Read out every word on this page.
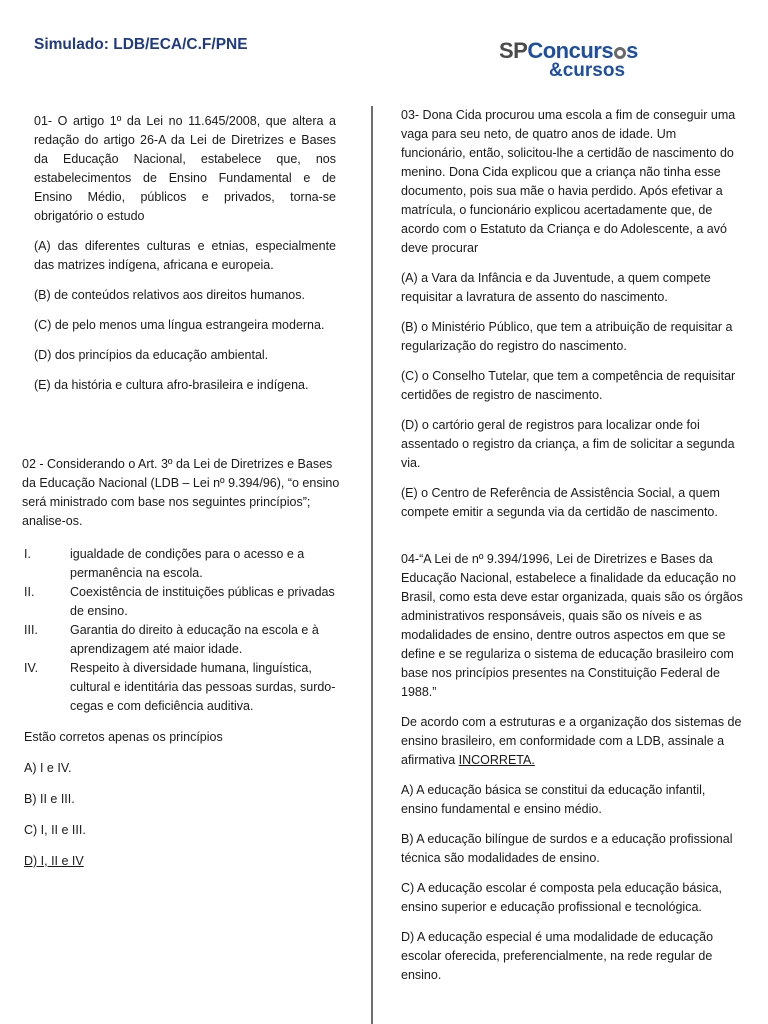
Simulado: LDB/ECA/C.F/PNE	SPConcurs s
&cursos

01- O artigo 1º da Lei no 11.645/2008, que altera a redação do artigo 26-A da Lei de Diretrizes e Bases da Educação Nacional, estabelece que, nos estabelecimentos de Ensino Fundamental e de Ensino Médio, públicos e privados, torna-se obrigatório o estudo

(A) das diferentes culturas e etnias, especialmente das matrizes indígena, africana e europeia.

(B) de conteúdos relativos aos direitos humanos.

(C) de pelo menos uma língua estrangeira moderna.

(D) dos princípios da educação ambiental.

(E) da história e cultura afro-brasileira e indígena.

02 - Considerando o Art. 3º da Lei de Diretrizes e Bases da Educação Nacional (LDB – Lei nº 9.394/96), “o ensino será ministrado com base nos seguintes princípios”; analise-os.

I.	igualdade de condições para o acesso e a permanência na escola.
II.	Coexistência de instituições públicas e privadas de ensino.
III.	Garantia do direito à educação na escola e à aprendizagem até maior idade.
IV.	Respeito à diversidade humana, linguística, cultural e identitária das pessoas surdas, surdo-cegas e com deficiência auditiva.

Estão corretos apenas os princípios

A) I e IV.

B) II e III.

C) I, II e III.

D) I, II e IV

03- Dona Cida procurou uma escola a fim de conseguir uma vaga para seu neto, de quatro anos de idade. Um funcionário, então, solicitou-lhe a certidão de nascimento do menino. Dona Cida explicou que a criança não tinha esse documento, pois sua mãe o havia perdido. Após efetivar a matrícula, o funcionário explicou acertadamente que, de acordo com o Estatuto da Criança e do Adolescente, a avó deve procurar

(A) a Vara da Infância e da Juventude, a quem compete requisitar a lavratura de assento do nascimento.

(B) o Ministério Público, que tem a atribuição de requisitar a regularização do registro do nascimento.

(C) o Conselho Tutelar, que tem a competência de requisitar certidões de registro de nascimento.

(D) o cartório geral de registros para localizar onde foi assentado o registro da criança, a fim de solicitar a segunda via.

(E) o Centro de Referência de Assistência Social, a quem compete emitir a segunda via da certidão de nascimento.

04-“A Lei de nº 9.394/1996, Lei de Diretrizes e Bases da Educação Nacional, estabelece a finalidade da educação no Brasil, como esta deve estar organizada, quais são os órgãos administrativos responsáveis, quais são os níveis e as modalidades de ensino, dentre outros aspectos em que se define e se regulariza o sistema de educação brasileiro com base nos princípios presentes na Constituição Federal de 1988.”

De acordo com a estruturas e a organização dos sistemas de ensino brasileiro, em conformidade com a LDB, assinale a afirmativa INCORRETA.

A) A educação básica se constitui da educação infantil, ensino fundamental e ensino médio.

B) A educação bilíngue de surdos e a educação profissional técnica são modalidades de ensino.

C) A educação escolar é composta pela educação básica, ensino superior e educação profissional e tecnológica.

D) A educação especial é uma modalidade de educação escolar oferecida, preferencialmente, na rede regular de ensino.
